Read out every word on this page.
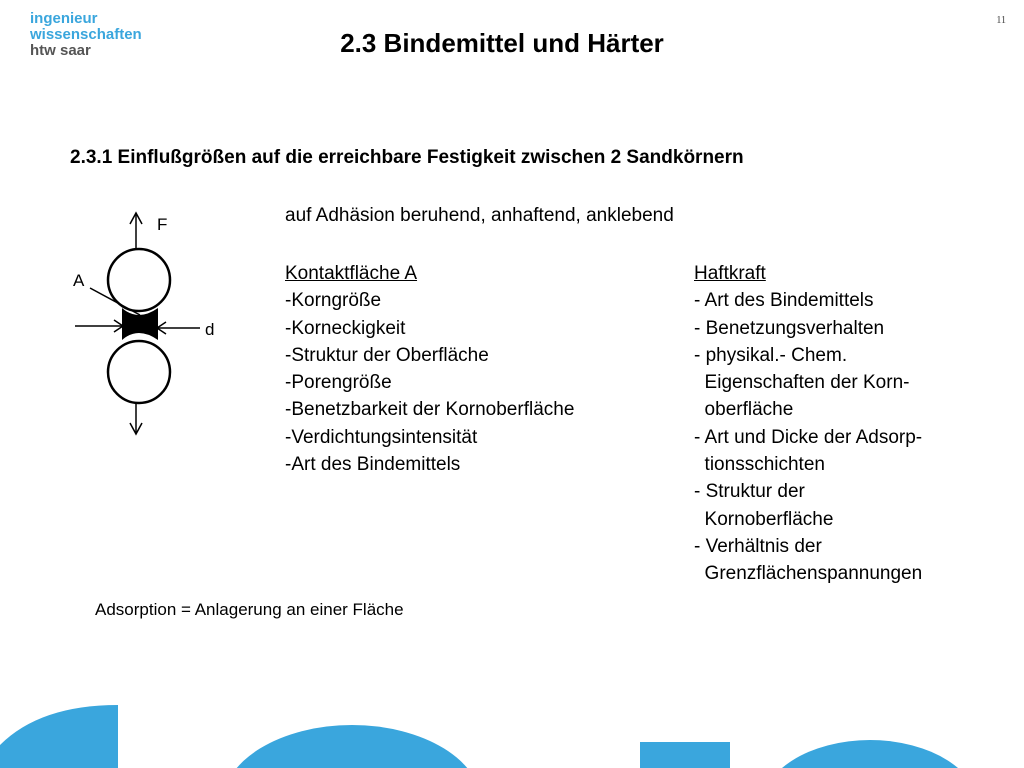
ingenieur
wissenschaften
htw saar
11
2.3 Bindemittel und Härter
2.3.1 Einflußgrößen auf die erreichbare Festigkeit zwischen 2 Sandkörnern
F
A
d
auf Adhäsion beruhend, anhaftend, anklebend
Kontaktfläche A
-Korngröße
-Korneckigkeit
-Struktur der Oberfläche
-Porengröße
-Benetzbarkeit der Kornoberfläche
-Verdichtungsintensität
-Art des Bindemittels
Haftkraft
- Art des Bindemittels
- Benetzungsverhalten
- physikal.- Chem.
Eigenschaften der Korn-
oberfläche
- Art und Dicke der Adsorp-
tionsschichten
- Struktur der
Kornoberfläche
- Verhältnis der
Grenzflächenspannungen
Adsorption = Anlagerung an einer Fläche
